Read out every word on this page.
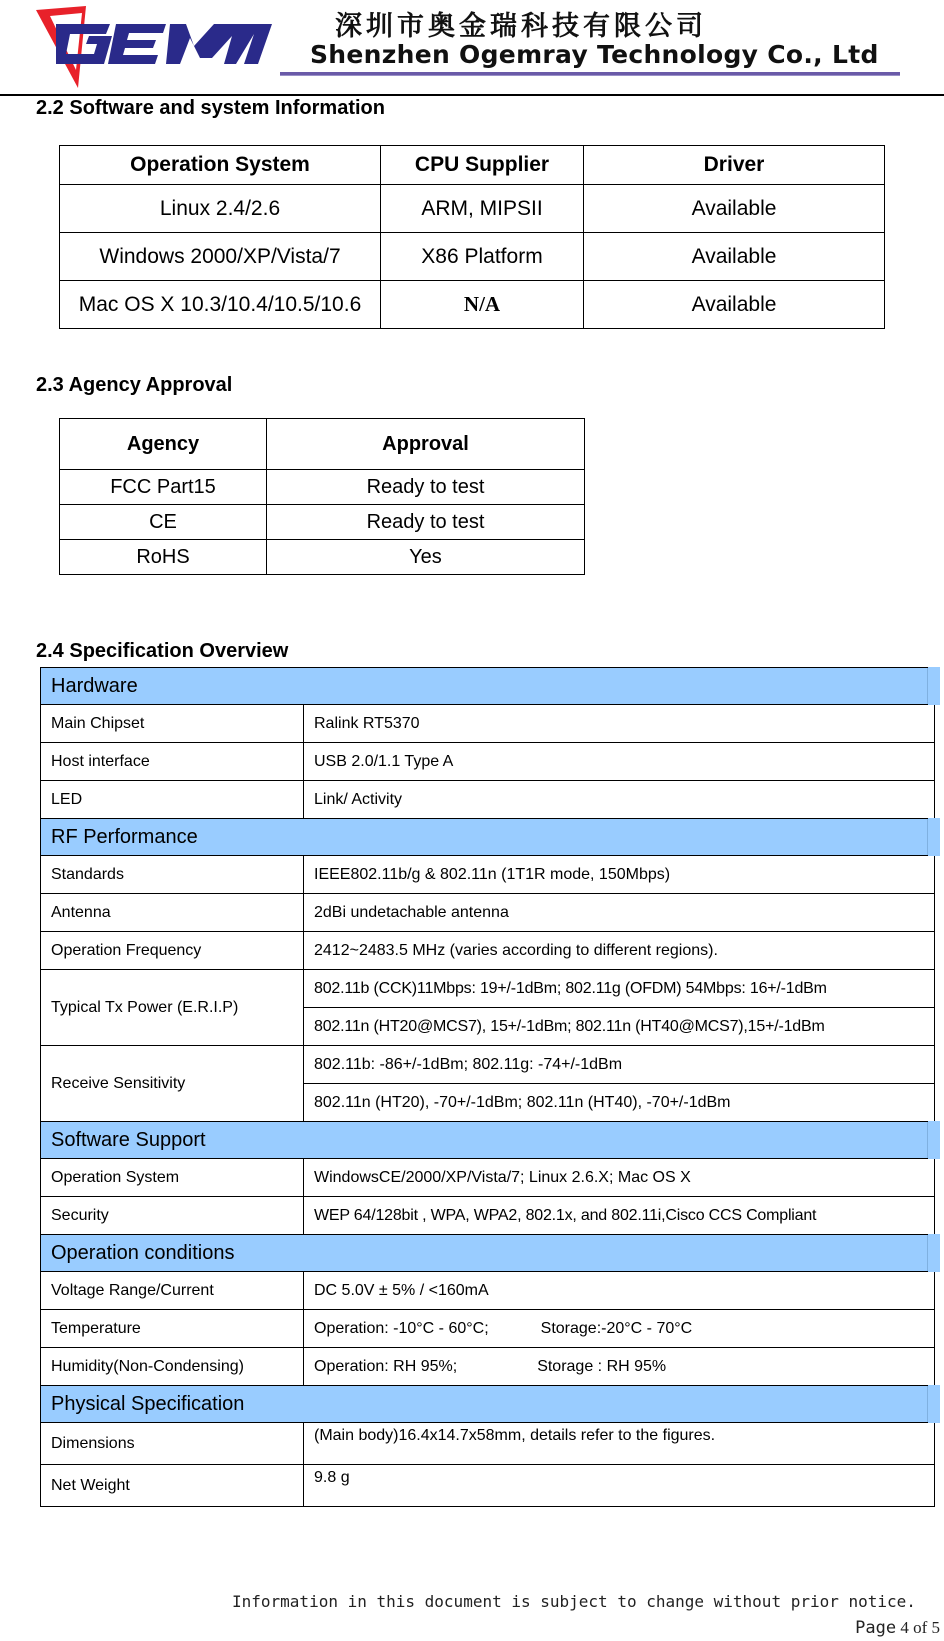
深圳市奥金瑞科技有限公司
Shenzhen Ogemray Technology Co., Ltd
2.2 Software and system Information
Operation System	CPU Supplier	Driver
Linux 2.4/2.6	ARM, MIPSII	Available
Windows 2000/XP/Vista/7	X86 Platform	Available
Mac OS X 10.3/10.4/10.5/10.6	N/A	Available
2.3 Agency Approval
Agency	Approval
FCC Part15	Ready to test
CE	Ready to test
RoHS	Yes
2.4 Specification Overview
Hardware	
Main Chipset	Ralink RT5370
Host interface	USB 2.0/1.1 Type A
LED	Link/ Activity
RF Performance	
Standards	IEEE802.11b/g & 802.11n (1T1R mode, 150Mbps)
Antenna	2dBi undetachable antenna
Operation Frequency	2412~2483.5 MHz (varies according to different regions).
Typical Tx Power (E.R.I.P)	802.11b (CCK)11Mbps: 19+/-1dBm; 802.11g (OFDM) 54Mbps: 16+/-1dBm
	802.11n (HT20@MCS7), 15+/-1dBm; 802.11n (HT40@MCS7),15+/-1dBm
Receive Sensitivity	802.11b: -86+/-1dBm; 802.11g: -74+/-1dBm
	802.11n (HT20), -70+/-1dBm; 802.11n (HT40), -70+/-1dBm
Software Support	
Operation System	WindowsCE/2000/XP/Vista/7; Linux 2.6.X; Mac OS X
Security	WEP 64/128bit , WPA, WPA2, 802.1x, and 802.11i,Cisco CCS Compliant
Operation conditions	
Voltage Range/Current	DC 5.0V ± 5% / <160mA
Temperature	Operation: -10°C - 60°C; Storage:-20°C - 70°C
Humidity(Non-Condensing)	Operation: RH 95%; Storage : RH 95%
Physical Specification	
Dimensions	(Main body)16.4x14.7x58mm, details refer to the figures.
Net Weight	9.8 g
Information in this document is subject to change without prior notice.
Page 4 of 5
